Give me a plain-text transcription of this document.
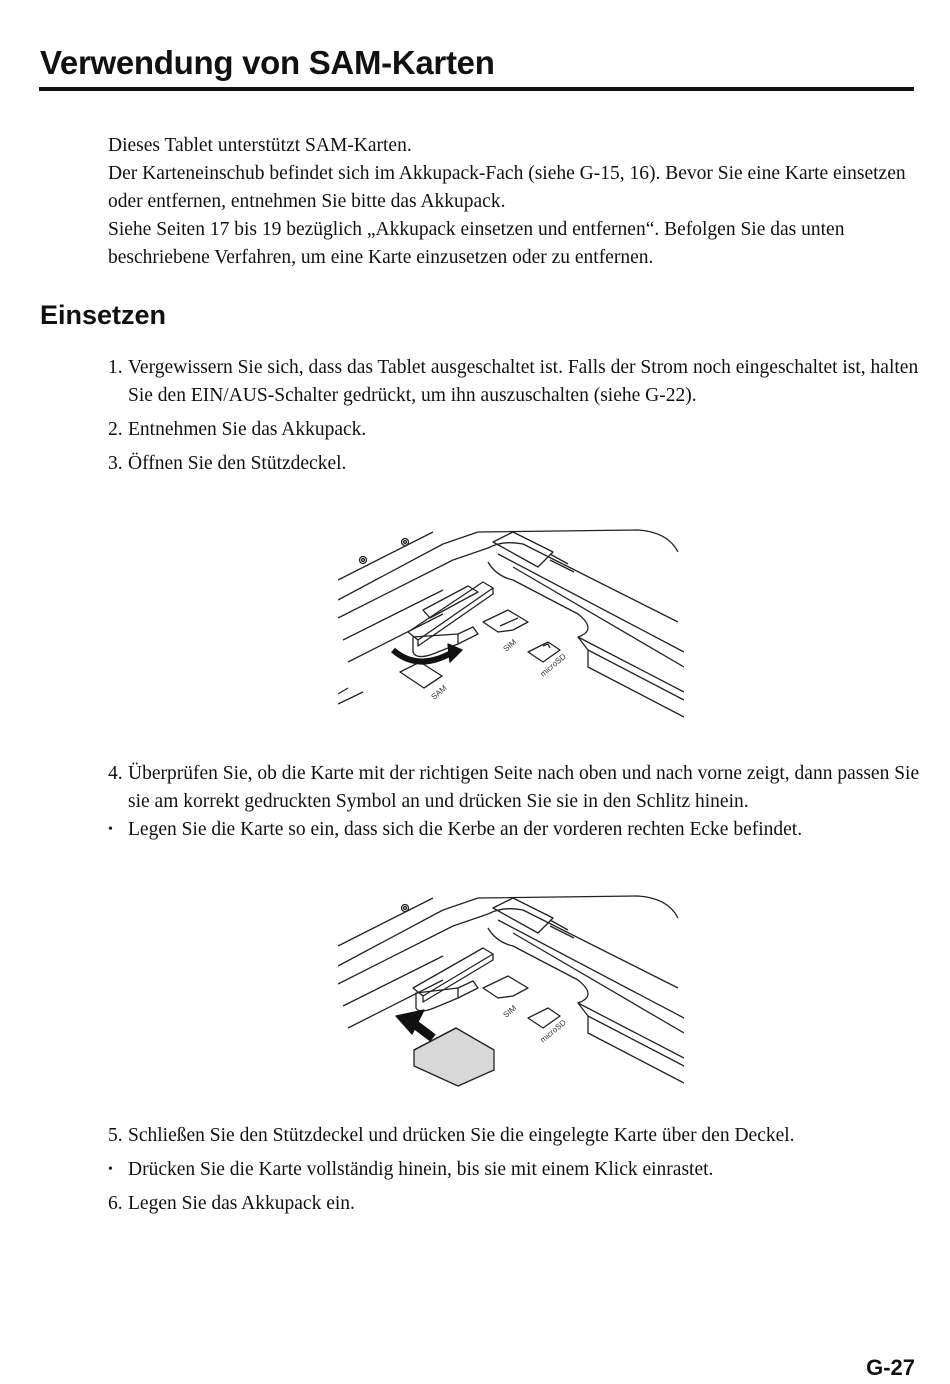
Verwendung von SAM-Karten

Dieses Tablet unterstützt SAM-Karten.

Der Karteneinschub befindet sich im Akkupack-Fach (siehe G-15, 16). Bevor Sie eine Karte einsetzen oder entfernen, entnehmen Sie bitte das Akkupack.

Siehe Seiten 17 bis 19 bezüglich „Akkupack einsetzen und entfernen“. Befolgen Sie das unten beschriebene Verfahren, um eine Karte einzusetzen oder zu entfernen.

Einsetzen
1. Vergewissern Sie sich, dass das Tablet ausgeschaltet ist. Falls der Strom noch eingeschaltet ist, halten Sie den EIN/AUS-Schalter gedrückt, um ihn auszuschalten (siehe G-22).
2. Entnehmen Sie das Akkupack.
3. Öffnen Sie den Stützdeckel.
SIM
microSD
SAM
4. Überprüfen Sie, ob die Karte mit der richtigen Seite nach oben und nach vorne zeigt, dann passen Sie sie am korrekt gedruckten Symbol an und drücken Sie sie in den Schlitz hinein.
• Legen Sie die Karte so ein, dass sich die Kerbe an der vorderen rechten Ecke befindet.
SIM
microSD
5. Schließen Sie den Stützdeckel und drücken Sie die eingelegte Karte über den Deckel.
• Drücken Sie die Karte vollständig hinein, bis sie mit einem Klick einrastet.
6. Legen Sie das Akkupack ein.
G-27
